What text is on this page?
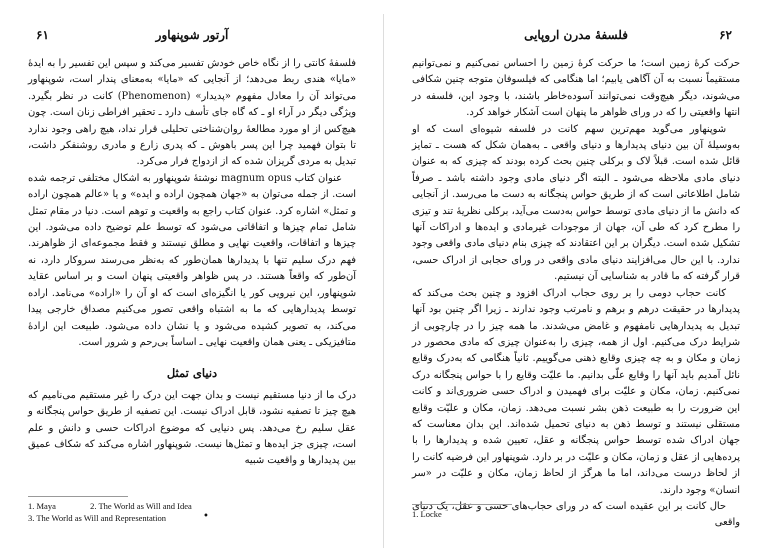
آرتور شوپنهاور
۶۱

فلسفهٔ کانتی را از نگاه خاص خودش تفسیر می‌کند و سپس این تفسیر را به ایدهٔ «مایا» هندی ربط می‌دهد؛ از آنجایی که «مایا» به‌معنای پندار است، شوپنهاور می‌تواند آن را معادل مفهوم «پدیدار» (Phenomenon) کانت در نظر بگیرد. ویژگی دیگر در آراء او ـ که گاه جای تأسف دارد ـ تحقیر افراطی زنان است. چون هیچ‌کس از او مورد مطالعهٔ روان‌شناختی تحلیلی قرار نداد، هیچ راهی وجود ندارد تا بتوان فهمید چرا این پسر باهوش ـ که پدری زارع و مادری روشنفکر داشت، تبدیل به مردی گریزان شده که از ازدواج فرار می‌کرد.

عنوان کتاب magnum opus نوشتهٔ شوپنهاور به اشکال مختلفی ترجمه شده است. از جمله می‌توان به «جهان همچون اراده و ایده» و یا «عالم همچون اراده و تمثل» اشاره کرد. عنوان کتاب راجع به واقعیت و توهم است. دنیا در مقام تمثل شامل تمام چیزها و اتفاقاتی می‌شود که توسط علم توضیح داده می‌شود. این چیزها و اتفاقات، واقعیت نهایی و مطلق نیستند و فقط مجموعه‌ای از ظواهرند. فهم درک سلیم تنها با پدیدارها همان‌طور که به‌نظر می‌رسند سروکار دارد، نه آن‌طور که واقعاً هستند. در پس ظواهر واقعیتی پنهان است و بر اساس عقاید شوپنهاور، این نیرویی کور یا انگیزه‌ای است که او آن را «اراده» می‌نامد. اراده توسط پدیدارهایی که ما به اشتباه واقعی تصور می‌کنیم مصداق خارجی پیدا می‌کند، به تصویر کشیده می‌شود و یا نشان داده می‌شود. طبیعت این ارادهٔ متافیزیکی ـ یعنی همان واقعیت نهایی ـ اساساً بی‌رحم و شرور است.

دنیای تمثل

درک ما از دنیا مستقیم نیست و بدان جهت این درک را غیر مستقیم می‌نامیم که هیچ چیز تا تصفیه نشود، قابل ادراک نیست. این تصفیه از طریق حواس پنجگانه و عقل سلیم رخ می‌دهد. پس دنیایی که موضوع ادراکات حسی و دانش و علم است، چیزی جز ایده‌ها و تمثل‌ها نیست. شوپنهاور اشاره می‌کند که شکاف عمیق بین پدیدارها و واقعیت شبیه

1. Maya	2. The World as Will and Idea
3. The World as Will and Representation	•
فلسفهٔ مدرن اروپایی	۶۲

حرکت کرهٔ زمین است؛ ما حرکت کرهٔ زمین را احساس نمی‌کنیم و نمی‌توانیم مستقیماً نسبت به آن آگاهی یابیم؛ اما هنگامی که فیلسوفان متوجه چنین شکافی می‌شوند، دیگر هیچ‌وقت نمی‌توانند آسوده‌خاطر باشند، با وجود این، فلسفه در انتها واقعیتی را که در ورای ظواهر ما پنهان است آشکار خواهد کرد.

شوپنهاور می‌گوید مهم‌ترین سهم کانت در فلسفه شیوه‌ای است که او به‌وسیلهٔ آن بین دنیای پدیدارها و دنیای واقعی ـ به‌همان شکل که هست ـ تمایز قائل شده است. قبلاً لاک و برکلی چنین بحث کرده بودند که چیزی که به عنوان دنیای مادی ملاحظه می‌شود ـ البته اگر دنیای مادی وجود داشته باشد ـ صرفاً شامل اطلاعاتی است که از طریق حواس پنجگانه به دست ما می‌رسد. از آنجایی که دانش ما از دنیای مادی توسط حواس به‌دست می‌آید، برکلی نظریهٔ تند و تیزی را مطرح کرد که طی آن، جهان از موجودات غیرمادی و ایده‌ها و ادراکات آنها تشکیل شده است. دیگران بر این اعتقادند که چیزی بنام دنیای مادی واقعی وجود ندارد. با این حال می‌افزایند دنیای مادی واقعی در ورای حجابی از ادراک حسی، قرار گرفته که ما قادر به شناسایی آن نیستیم.

کانت حجاب دومی را بر روی حجاب ادراک افزود و چنین بحث می‌کند که پدیدارها در حقیقت درهم و برهم و نامرتب وجود ندارند ـ زیرا اگر چنین بود آنها تبدیل به پدیدارهایی نامفهوم و غامض می‌شدند. ما همه چیز را در چارچوبی از شرایط درک می‌کنیم. اول از همه، چیزی را به‌عنوان چیزی که مادی محصور در زمان و مکان و به چه چیزی وقایع ذهنی می‌گوییم. ثانیاً هنگامی که به‌درک وقایع نائل آمدیم باید آنها را وقایع علّی بدانیم. ما علیّت وقایع را با حواس پنجگانه درک نمی‌کنیم. زمان، مکان و علیّت برای فهمیدن و ادراک حسی ضروری‌اند و کانت این ضرورت را به طبیعت ذهن بشر نسبت می‌دهد. زمان، مکان و علیّت وقایع مستقلی نیستند و توسط ذهن به دنیای تحمیل شده‌اند. این بدان معناست که جهان ادراک شده توسط حواس پنجگانه و عقل، تعیین شده و پدیدارها را با پرده‌هایی از عقل و زمان، مکان و علیّت در بر دارد. شوپنهاور این فرضیه کانت را از لحاظ درست می‌داند، اما ما هرگز از لحاظ زمان، مکان و علیّت در «سر انسان» وجود دارند.

حال کانت بر این عقیده است که در ورای حجاب‌های حسی و عقل، یک دنیای واقعی

1. Locke
